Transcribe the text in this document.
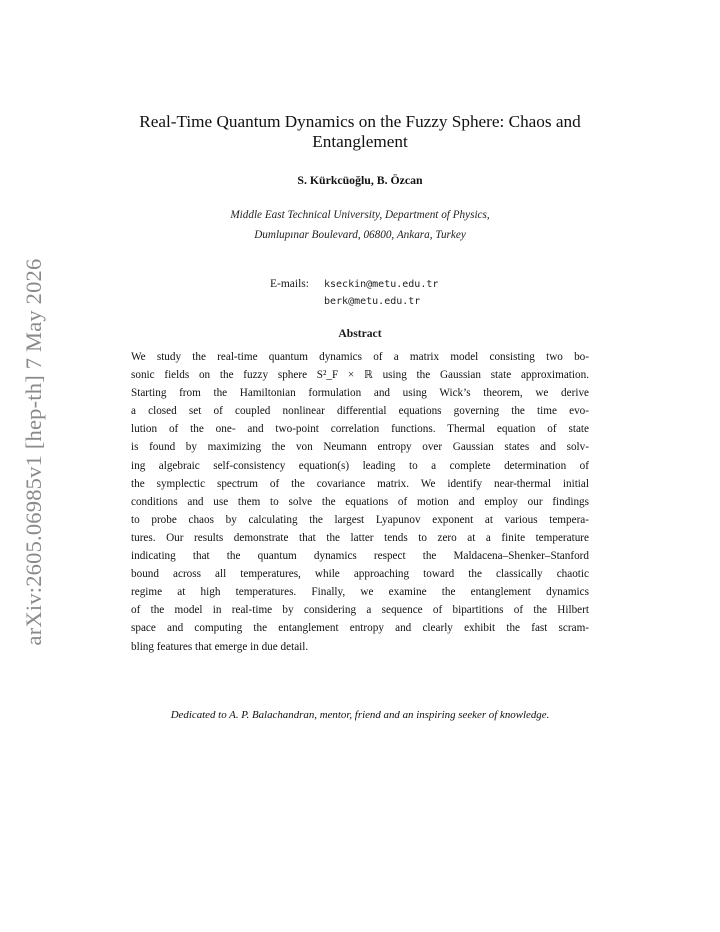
arXiv:2605.06985v1 [hep-th] 7 May 2026
Real-Time Quantum Dynamics on the Fuzzy Sphere: Chaos and Entanglement
S. Kürkcüoğlu, B. Özcan
Middle East Technical University, Department of Physics,
Dumlupınar Boulevard, 06800, Ankara, Turkey
E-mails:	kseckin@metu.edu.tr
berk@metu.edu.tr
Abstract
We study the real-time quantum dynamics of a matrix model consisting two bo-
sonic fields on the fuzzy sphere S²_F × ℝ using the Gaussian state approximation.
Starting from the Hamiltonian formulation and using Wick’s theorem, we derive
a closed set of coupled nonlinear differential equations governing the time evo-
lution of the one- and two-point correlation functions. Thermal equation of state
is found by maximizing the von Neumann entropy over Gaussian states and solv-
ing algebraic self-consistency equation(s) leading to a complete determination of
the symplectic spectrum of the covariance matrix. We identify near-thermal initial
conditions and use them to solve the equations of motion and employ our findings
to probe chaos by calculating the largest Lyapunov exponent at various tempera-
tures. Our results demonstrate that the latter tends to zero at a finite temperature
indicating that the quantum dynamics respect the Maldacena–Shenker–Stanford
bound across all temperatures, while approaching toward the classically chaotic
regime at high temperatures. Finally, we examine the entanglement dynamics
of the model in real-time by considering a sequence of bipartitions of the Hilbert
space and computing the entanglement entropy and clearly exhibit the fast scram-
bling features that emerge in due detail.
Dedicated to A. P. Balachandran, mentor, friend and an inspiring seeker of knowledge.
